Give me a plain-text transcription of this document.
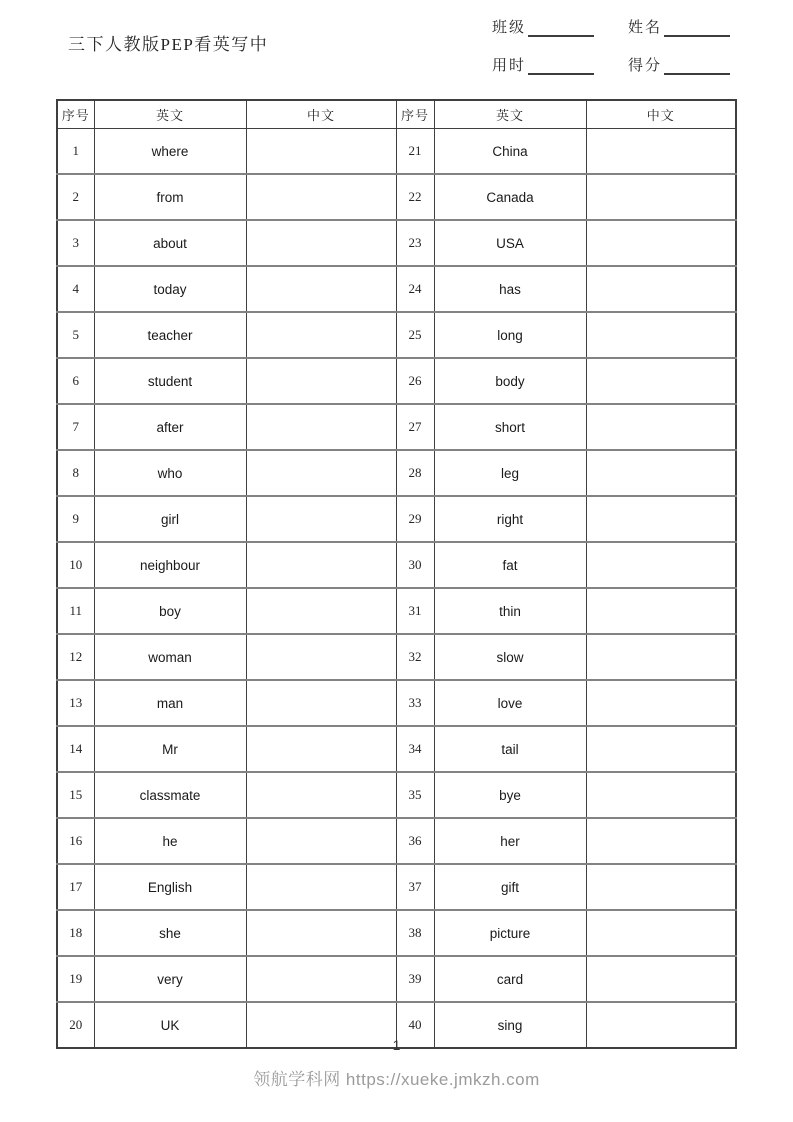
三下人教版PEP看英写中
班级	姓名
用时	得分
序号	英文	中文	序号	英文	中文
1	where		21	China	
2	from		22	Canada	
3	about		23	USA	
4	today		24	has	
5	teacher		25	long	
6	student		26	body	
7	after		27	short	
8	who		28	leg	
9	girl		29	right	
10	neighbour		30	fat	
11	boy		31	thin	
12	woman		32	slow	
13	man		33	love	
14	Mr		34	tail	
15	classmate		35	bye	
16	he		36	her	
17	English		37	gift	
18	she		38	picture	
19	very		39	card	
20	UK		40	sing	
1
领航学科网 https://xueke.jmkzh.com
